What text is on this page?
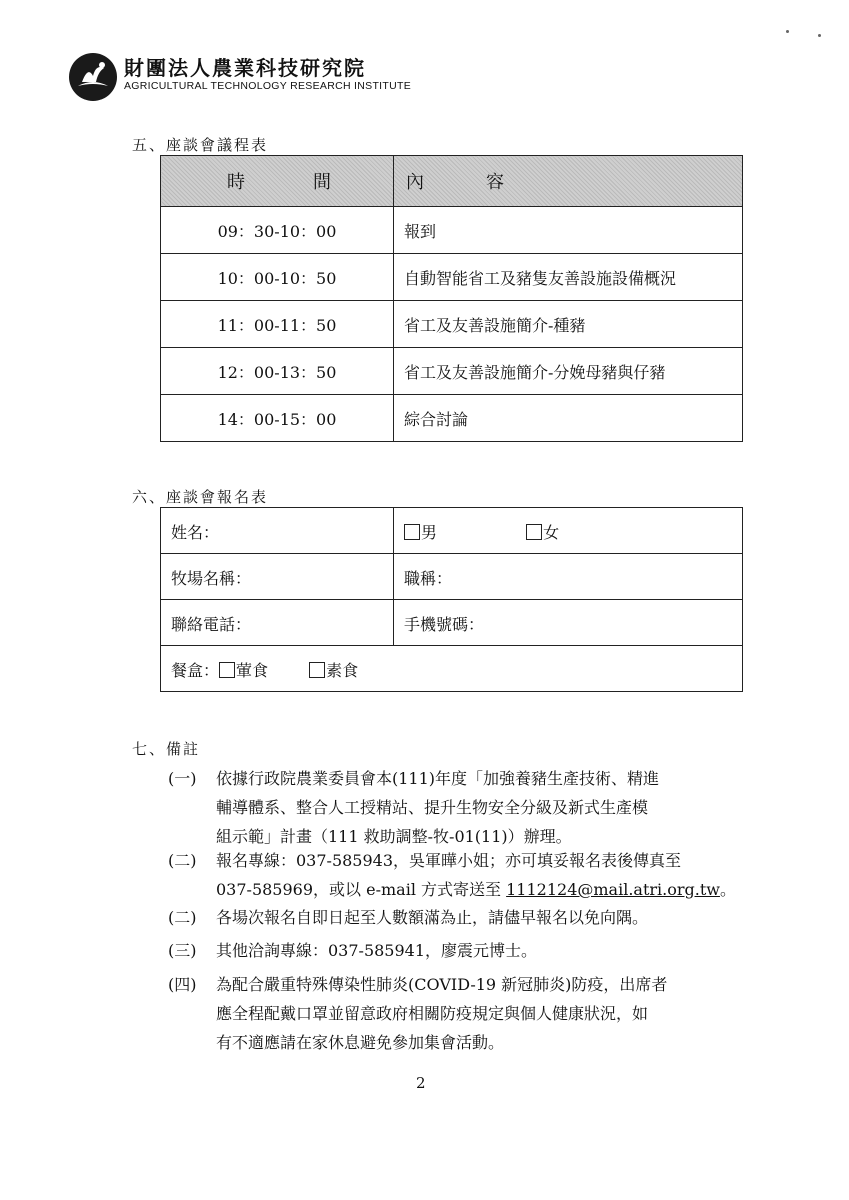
財團法人農業科技研究院
AGRICULTURAL TECHNOLOGY RESEARCH INSTITUTE
五、座談會議程表
時 間	內 容
09：30-10：00	報到
10：00-10：50	自動智能省工及豬隻友善設施設備概況
11：00-11：50	省工及友善設施簡介-種豬
12：00-13：50	省工及友善設施簡介-分娩母豬與仔豬
14：00-15：00	綜合討論
六、座談會報名表
姓名：	男 女
牧場名稱：	職稱：
聯絡電話：	手機號碼：
餐盒： 葷食 素食	
七、備註
(一) 依據行政院農業委員會本(111)年度「加強養豬生產技術、精進
輔導體系、整合人工授精站、提升生物安全分級及新式生產模
組示範」計畫（111 救助調整-牧-01(11)）辦理。
(二) 報名專線：037-585943，吳軍曄小姐；亦可填妥報名表後傳真至
037-585969，或以 e-mail 方式寄送至 1112124@mail.atri.org.tw。
(二) 各場次報名自即日起至人數額滿為止，請儘早報名以免向隅。
(三) 其他洽詢專線：037-585941，廖震元博士。
(四) 為配合嚴重特殊傳染性肺炎(COVID-19 新冠肺炎)防疫，出席者
應全程配戴口罩並留意政府相關防疫規定與個人健康狀況，如
有不適應請在家休息避免參加集會活動。
2
